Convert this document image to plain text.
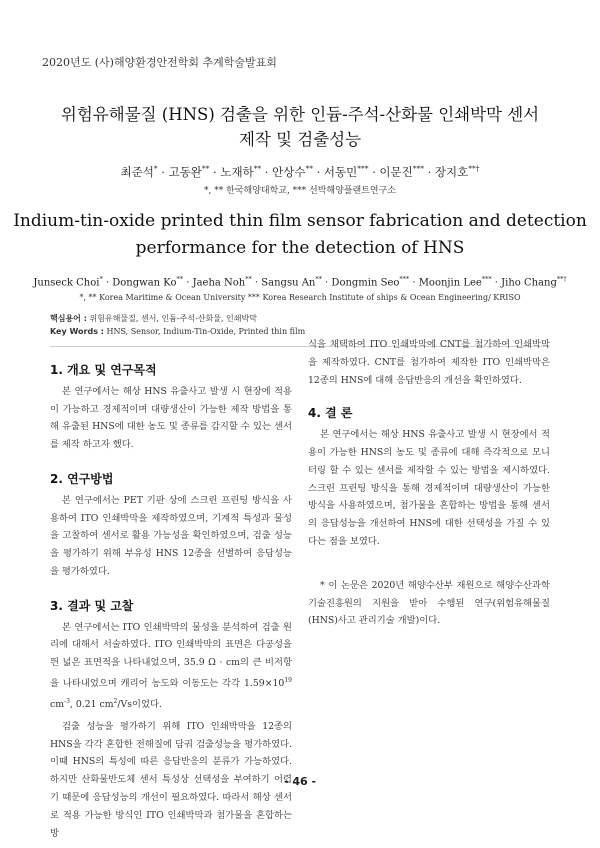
2020년도 (사)해양환경안전학회 추계학술발표회
위험유해물질 (HNS) 검출을 위한 인듐-주석-산화물 인쇄박막 센서
제작 및 검출성능
최준석* · 고동완** · 노재하** · 안상수** · 서동민*** · 이문진*** · 장지호**†
*, ** 한국해양대학교, *** 선박해양플랜트연구소
Indium-tin-oxide printed thin film sensor fabrication and detection
performance for the detection of HNS
Junseck Choi* · Dongwan Ko** · Jaeha Noh** · Sangsu An** · Dongmin Seo*** · Moonjin Lee*** · Jiho Chang**†
*, ** Korea Maritime & Ocean University *** Korea Research Institute of ships & Ocean Engineering/ KRISO
핵심용어 : 위험유해물질, 센서, 인듐-주석-산화물, 인쇄박막
Key Words : HNS, Sensor, Indium-Tin-Oxide, Printed thin film
1. 개요 및 연구목적

본 연구에서는 해상 HNS 유출사고 발생 시 현장에 적용이 가능하고 경제적이며 대량생산이 가능한 제작 방법을 통해 유출된 HNS에 대한 농도 및 종류를 감지할 수 있는 센서를 제작 하고자 했다.

2. 연구방법

본 연구에서는 PET 기판 상에 스크린 프린팅 방식을 사용하여 ITO 인쇄박막을 제작하였으며, 기계적 특성과 물성을 고찰하여 센서로 활용 가능성을 확인하였으며, 검출 성능을 평가하기 위해 부유성 HNS 12종을 선별하여 응답성능을 평가하였다.

3. 결과 및 고찰

본 연구에서는 ITO 인쇄박막의 물성을 분석하여 검출 원리에 대해서 서술하였다. ITO 인쇄박막의 표면은 다공성을 띈 넓은 표면적을 나타내었으며, 35.9 Ω · cm의 큰 비저항을 나타내었으며 캐리어 농도와 이동도는 각각 $1.59\times 10^{19}$ $cm^{-3}$, 0.21 $cm^2/Vs$이었다.

검출 성능을 평가하기 위해 ITO 인쇄박막을 12종의 HNS을 각각 혼합한 전해질에 담궈 검출성능을 평가하였다. 이때 HNS의 특성에 따른 응답반응의 분류가 가능하였다. 하지만 산화물반도체 센서 특성상 선택성을 부여하기 어렵기 때문에 응답성능의 개선이 필요하였다. 따라서 해상 센서로 적용 가능한 방식인 ITO 인쇄박막과 첨가물을 혼합하는 방

식을 채택하여 ITO 인쇄박막에 CNT를 첨가하여 인쇄박막을 제작하였다. CNT를 첨가하여 제작한 ITO 인쇄박막은 12종의 HNS에 대해 응답반응의 개선을 확인하였다.

4. 결 론

본 연구에서는 해상 HNS 유출사고 발생 시 현장에서 적용이 가능한 HNS의 농도 및 종류에 대해 즉각적으로 모니터링 할 수 있는 센서를 제작할 수 있는 방법을 제시하였다. 스크린 프린팅 방식을 통해 경제적이며 대량생산이 가능한 방식을 사용하였으며, 첨가물을 혼합하는 방법을 통해 센서의 응답성능을 개선하여 HNS에 대한 선택성을 가질 수 있다는 점을 보였다.

* 이 논문은 2020년 해양수산부 재원으로 해양수산과학기술진흥원의 지원을 받아 수행된 연구(위험유해물질(HNS)사고 관리기술 개발)이다.

- 46 -
